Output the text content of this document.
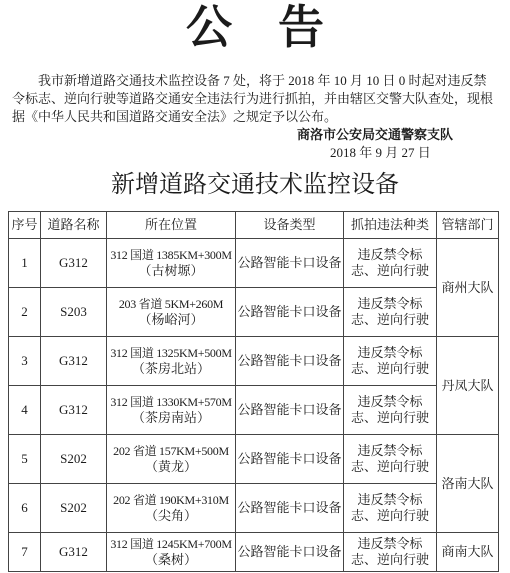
公　告
我市新增道路交通技术监控设备 7 处，将于 2018 年 10 月 10 日 0 时起对违反禁
令标志、逆向行驶等道路交通安全违法行为进行抓拍，并由辖区交警大队查处，现根
据《中华人民共和国道路交通安全法》之规定予以公布。
商洛市公安局交通警察支队
2018 年 9 月 27 日
新增道路交通技术监控设备
序号	道路名称	所在位置	设备类型	抓拍违法种类	管辖部门
1	G312	312 国道 1385KM+300M
（古树塬）	公路智能卡口设备	违反禁令标志、逆向行驶	商州大队
2	S203	203 省道 5KM+260M
（杨峪河）	公路智能卡口设备	违反禁令标志、逆向行驶	

3	G312	312 国道 1325KM+500M
（茶房北站）	公路智能卡口设备	违反禁令标志、逆向行驶	丹凤大队
4	G312	312 国道 1330KM+570M
（茶房南站）	公路智能卡口设备	违反禁令标志、逆向行驶	

5	S202	202 省道 157KM+500M
（黄龙）	公路智能卡口设备	违反禁令标志、逆向行驶	洛南大队
6	S202	202 省道 190KM+310M
（尖角）	公路智能卡口设备	违反禁令标志、逆向行驶	

7	G312	312 国道 1245KM+700M
（桑树）	公路智能卡口设备	违反禁令标志、逆向行驶	商南大队
